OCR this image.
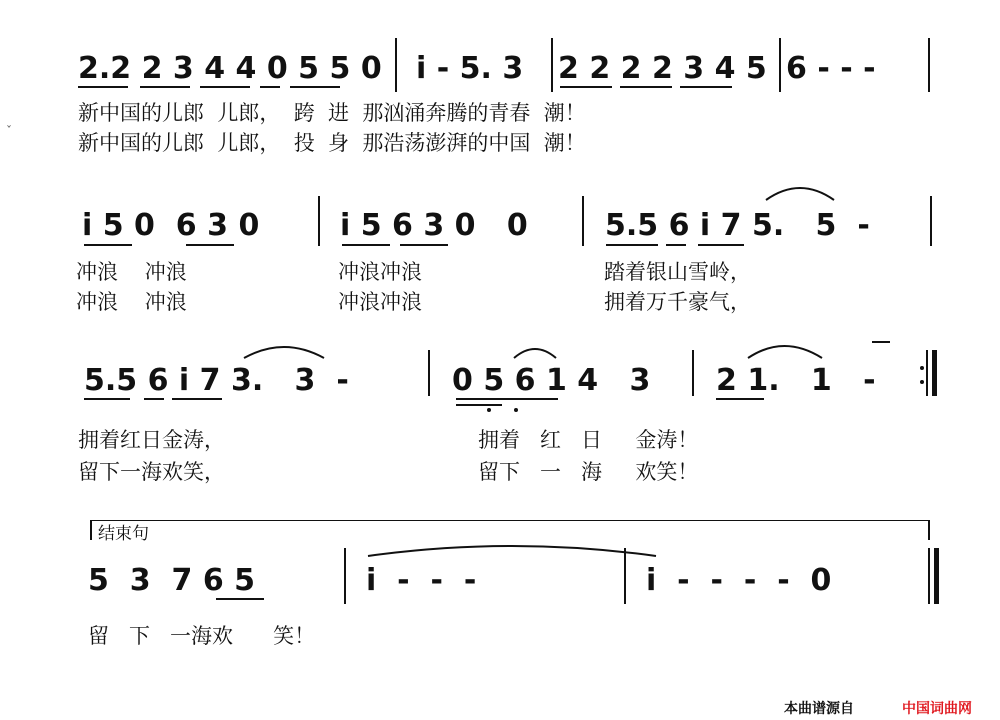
2.2 2 3 4 4 0 5 5 0 i - 5. 3 2 2 2 2 3 4 5 6 - - -
新中国的儿郎  儿郎，  跨  进  那汹涌奔腾的青春  潮！
新中国的儿郎  儿郎，  投  身  那浩荡澎湃的中国  潮！
ˇ
i 5 0  6 3 0	i 5 6 3 0   0	5.5 6 i 7 5.   5  -
冲浪    冲浪	冲浪冲浪	踏着银山雪岭，
冲浪    冲浪	冲浪冲浪	拥着万千豪气，
5.5 6 i 7 3.   3  -	0 5 6 1 4   3 2 1.   1   -
拥着红日金涛，	拥着   红   日     金涛！
留下一海欢笑，	留下   一   海     欢笑！
结束句
5  3  7 6 5	i  -  -  -	i  -  -  -  -  0
留   下   一海欢      笑！
本曲谱源自	中国词曲网
